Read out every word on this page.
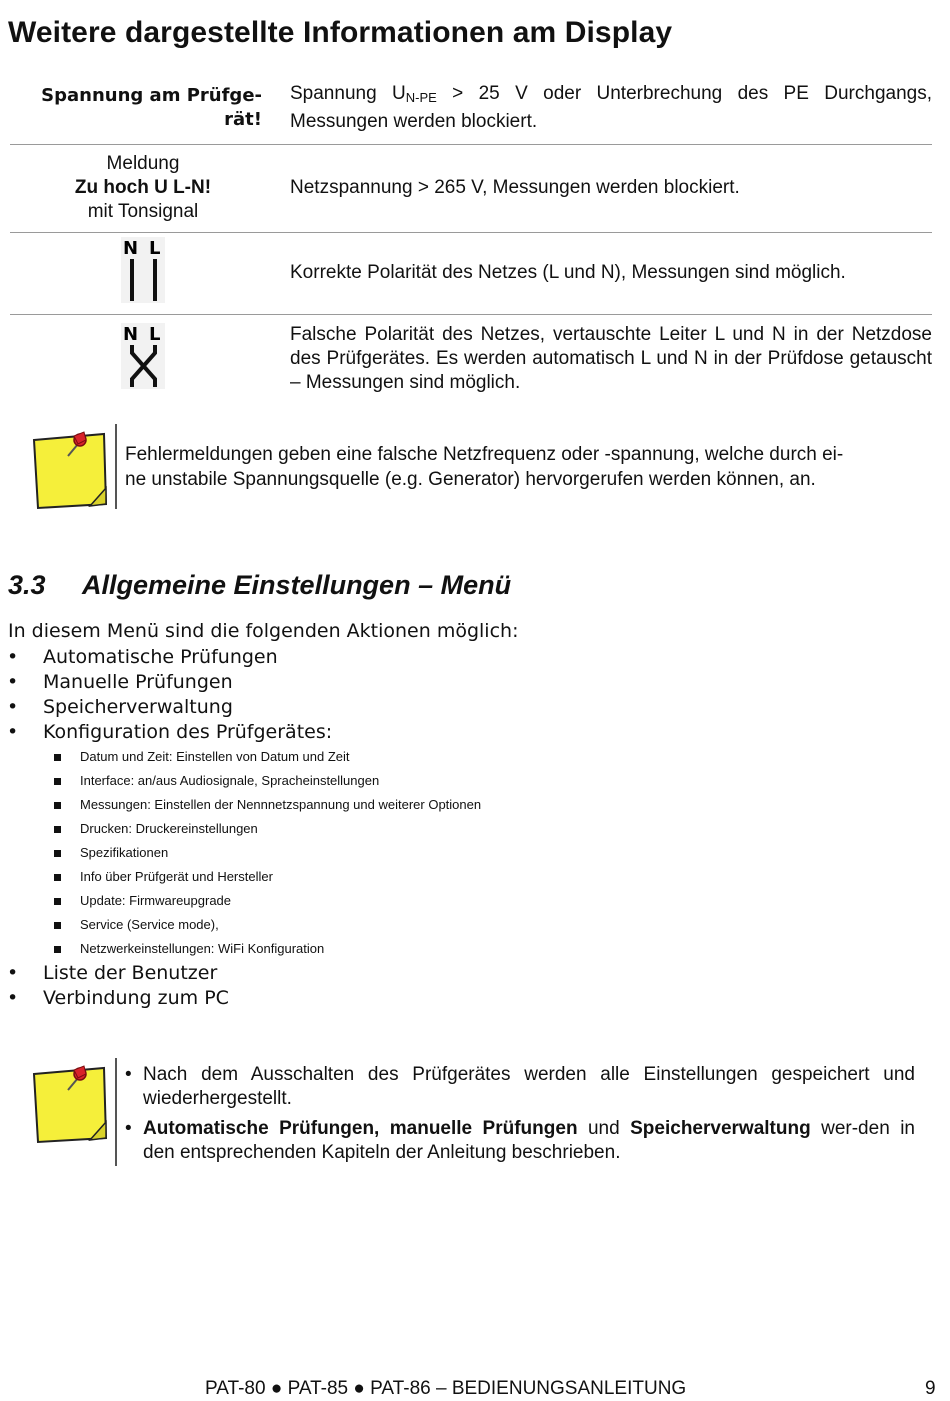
Weitere dargestellte Informationen am Display
Spannung am Prüfge-
rät!	Spannung $U_{N-PE} > 25$ V oder Unterbrechung des PE Durchgangs, Messungen werden blockiert.

Meldung
Zu hoch U L-N!
mit Tonsignal	Netzspannung > 265 V, Messungen werden blockiert.

N L	Korrekte Polarität des Netzes (L und N), Messungen sind möglich.

N L	Falsche Polarität des Netzes, vertauschte Leiter L und N in der Netzdose des Prüfgerätes. Es werden automatisch L und N in der Prüfdose getauscht – Messungen sind möglich.
Fehlermeldungen geben eine falsche Netzfrequenz oder -spannung, welche durch ei-
ne unstabile Spannungsquelle (e.g. Generator) hervorgerufen werden können, an.
3.3 Allgemeine Einstellungen – Menü
In diesem Menü sind die folgenden Aktionen möglich:
• Automatische Prüfungen
• Manuelle Prüfungen
• Speicherverwaltung
• Konfiguration des Prüfgerätes:
Datum und Zeit: Einstellen von Datum und Zeit
Interface: an/aus Audiosignale, Spracheinstellungen
Messungen: Einstellen der Nennnetzspannung und weiterer Optionen
Drucken: Druckereinstellungen
Spezifikationen
Info über Prüfgerät und Hersteller
Update: Firmwareupgrade
Service (Service mode),
Netzwerkeinstellungen: WiFi Konfiguration
• Liste der Benutzer
• Verbindung zum PC
• Nach dem Ausschalten des Prüfgerätes werden alle Einstellungen gespeichert und wiederhergestellt.
• Automatische Prüfungen, manuelle Prüfungen und Speicherverwaltung wer-den in den entsprechenden Kapiteln der Anleitung beschrieben.
PAT-80 ● PAT-85 ● PAT-86 – BEDIENUNGSANLEITUNG	9
